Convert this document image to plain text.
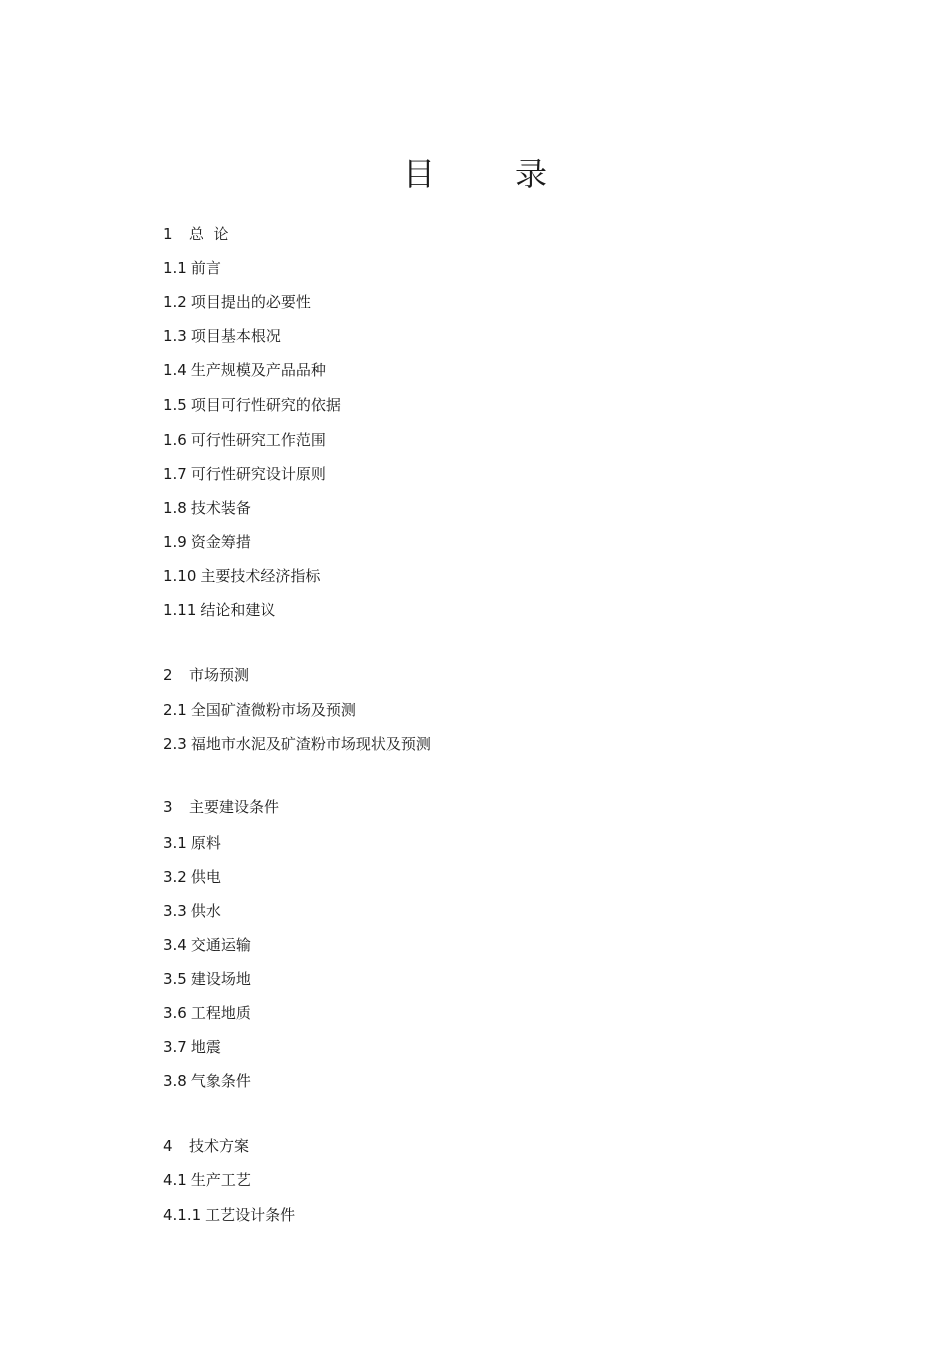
目 录
1 总  论
1.1 前言
1.2 项目提出的必要性
1.3 项目基本根况
1.4 生产规模及产品品种
1.5 项目可行性研究的依据
1.6 可行性研究工作范围
1.7 可行性研究设计原则
1.8 技术装备
1.9 资金筹措
1.10 主要技术经济指标
1.11 结论和建议
2 市场预测
2.1 全国矿渣微粉市场及预测
2.3 福地市水泥及矿渣粉市场现状及预测
3 主要建设条件
3.1 原料
3.2 供电
3.3 供水
3.4 交通运输
3.5 建设场地
3.6 工程地质
3.7 地震
3.8 气象条件
4 技术方案
4.1 生产工艺
4.1.1 工艺设计条件
